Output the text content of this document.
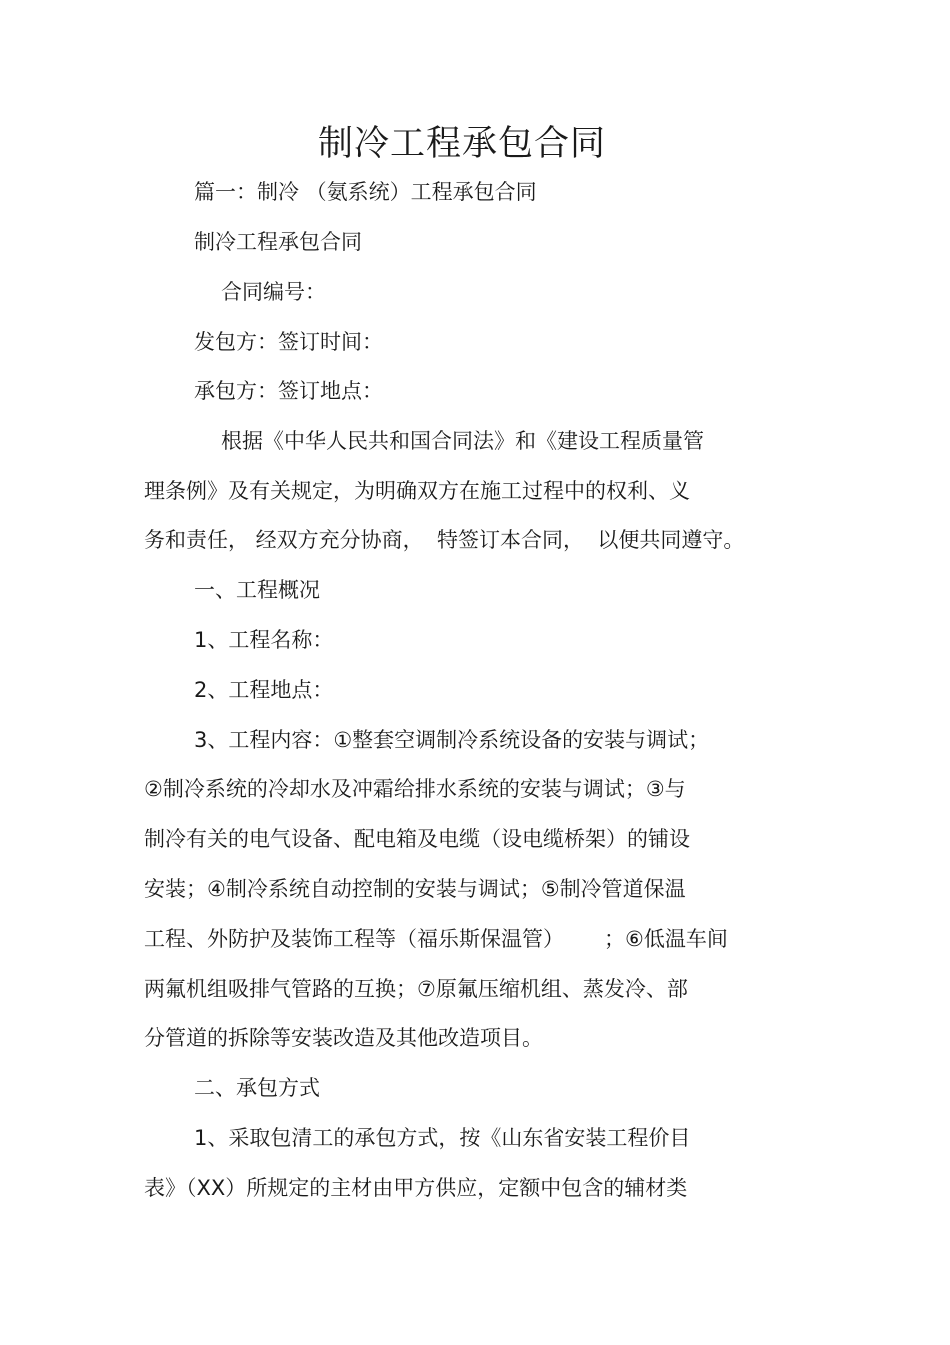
制冷工程承包合同
篇一：制冷 （氨系统）工程承包合同
制冷工程承包合同
合同编号：
发包方：签订时间：
承包方：签订地点：
根据《中华人民共和国合同法》和《建设工程质量管
理条例》及有关规定，为明确双方在施工过程中的权利、义
务和责任， 经双方充分协商，  特签订本合同，  以便共同遵守。
一、工程概况
1、工程名称：
2、工程地点：
3、工程内容：①整套空调制冷系统设备的安装与调试；
②制冷系统的冷却水及冲霜给排水系统的安装与调试；③与
制冷有关的电气设备、配电箱及电缆（设电缆桥架）的铺设
安装；④制冷系统自动控制的安装与调试；⑤制冷管道保温
工程、外防护及装饰工程等（福乐斯保温管）      ；⑥低温车间
两氟机组吸排气管路的互换；⑦原氟压缩机组、蒸发冷、部
分管道的拆除等安装改造及其他改造项目。
二、承包方式
1、采取包清工的承包方式，按《山东省安装工程价目
表》（XX）所规定的主材由甲方供应，定额中包含的辅材类
